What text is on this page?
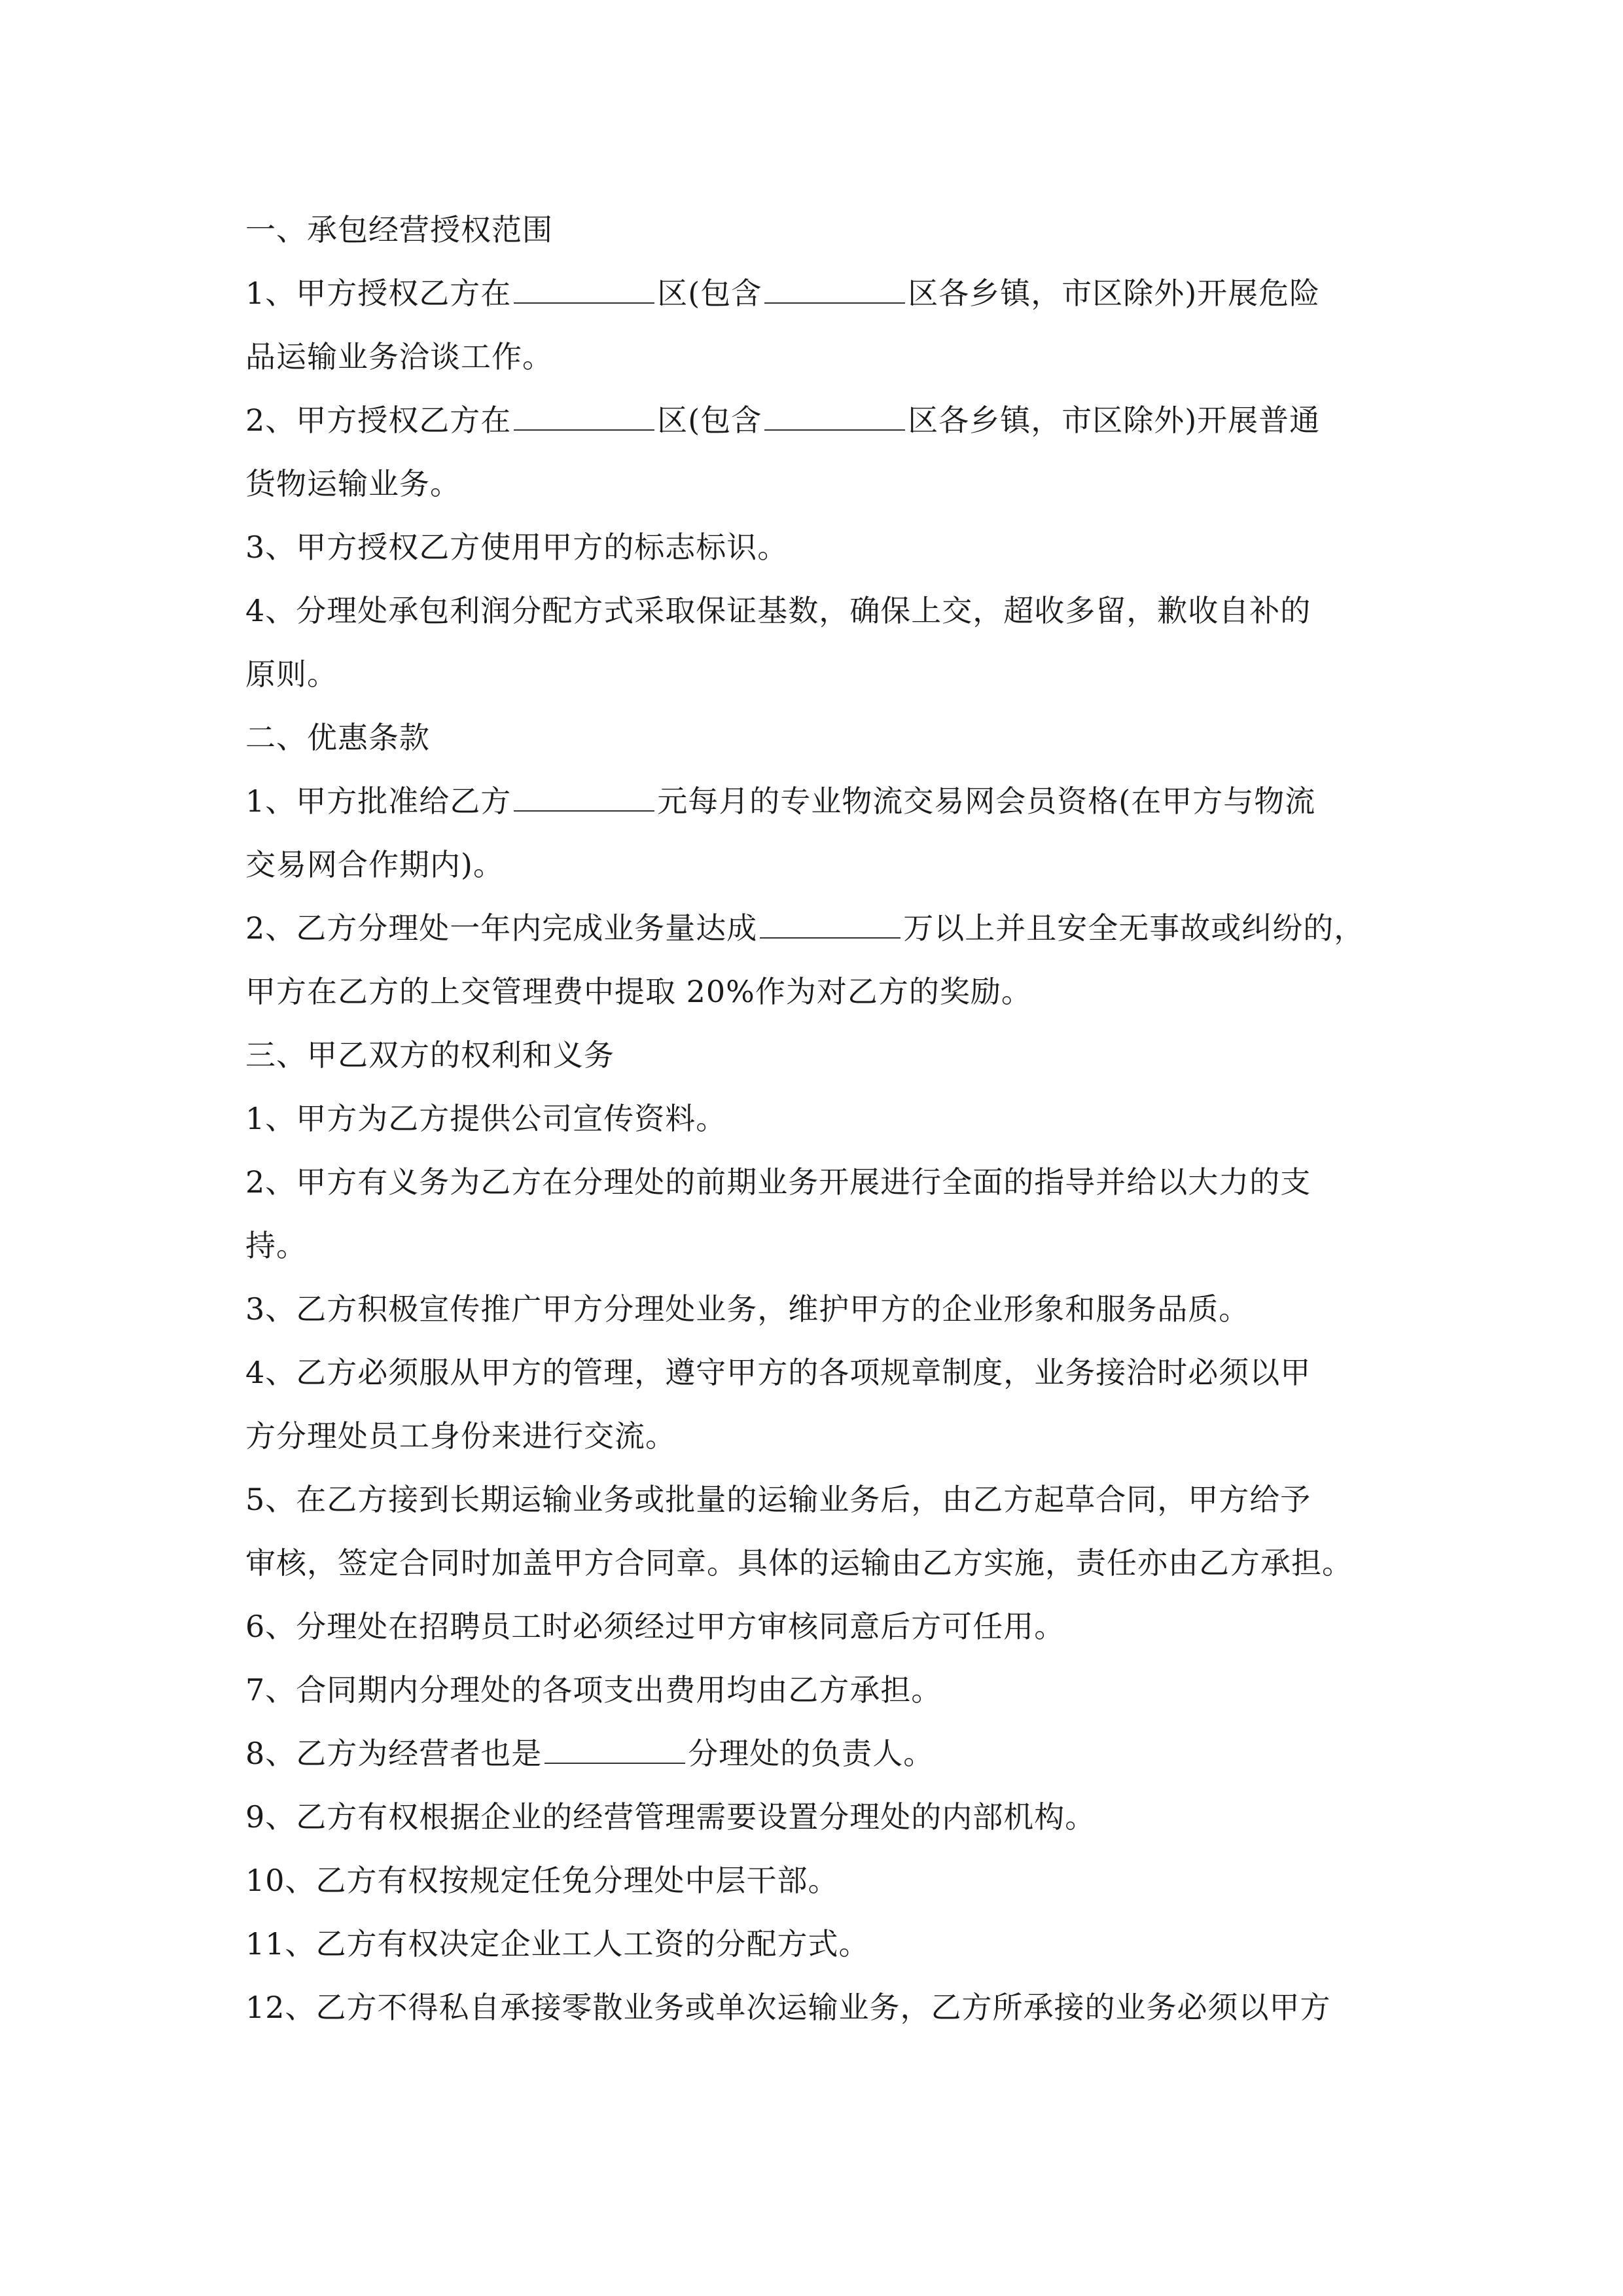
一、承包经营授权范围
1、甲方授权乙方在	区(包含	区各乡镇，市区除外)开展危险
品运输业务洽谈工作。
2、甲方授权乙方在	区(包含	区各乡镇，市区除外)开展普通
货物运输业务。
3、甲方授权乙方使用甲方的标志标识。
4、分理处承包利润分配方式采取保证基数，确保上交，超收多留，歉收自补的
原则。
二、优惠条款
1、甲方批准给乙方	元每月的专业物流交易网会员资格(在甲方与物流
交易网合作期内)。
2、乙方分理处一年内完成业务量达成	万以上并且安全无事故或纠纷的，
甲方在乙方的上交管理费中提取 20%作为对乙方的奖励。
三、甲乙双方的权利和义务
1、甲方为乙方提供公司宣传资料。
2、甲方有义务为乙方在分理处的前期业务开展进行全面的指导并给以大力的支
持。
3、乙方积极宣传推广甲方分理处业务，维护甲方的企业形象和服务品质。
4、乙方必须服从甲方的管理，遵守甲方的各项规章制度，业务接洽时必须以甲
方分理处员工身份来进行交流。
5、在乙方接到长期运输业务或批量的运输业务后，由乙方起草合同，甲方给予
审核，签定合同时加盖甲方合同章。具体的运输由乙方实施，责任亦由乙方承担。
6、分理处在招聘员工时必须经过甲方审核同意后方可任用。
7、合同期内分理处的各项支出费用均由乙方承担。
8、乙方为经营者也是	分理处的负责人。
9、乙方有权根据企业的经营管理需要设置分理处的内部机构。
10、乙方有权按规定任免分理处中层干部。
11、乙方有权决定企业工人工资的分配方式。
12、乙方不得私自承接零散业务或单次运输业务，乙方所承接的业务必须以甲方
